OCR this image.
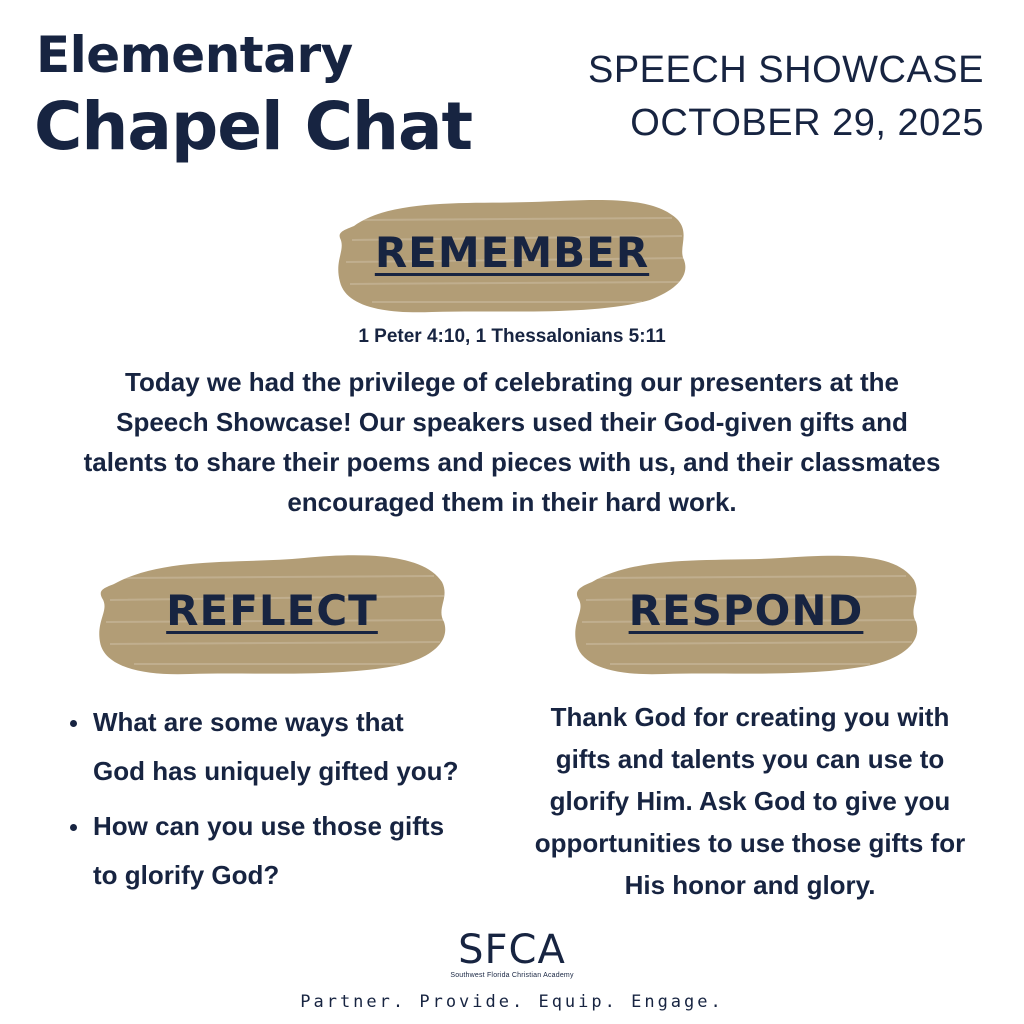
Elementary
Chapel Chat
SPEECH SHOWCASE
OCTOBER 29, 2025
REMEMBER
1 Peter 4:10, 1 Thessalonians 5:11
Today we had the privilege of celebrating our presenters at the
Speech Showcase! Our speakers used their God-given gifts and
talents to share their poems and pieces with us, and their classmates
encouraged them in their hard work.
REFLECT	RESPOND
What are some ways that
God has uniquely gifted you?
How can you use those gifts
to glorify God?
Thank God for creating you with
gifts and talents you can use to
glorify Him. Ask God to give you
opportunities to use those gifts for
His honor and glory.
SFCA
Southwest Florida Christian Academy
Partner. Provide. Equip. Engage.
